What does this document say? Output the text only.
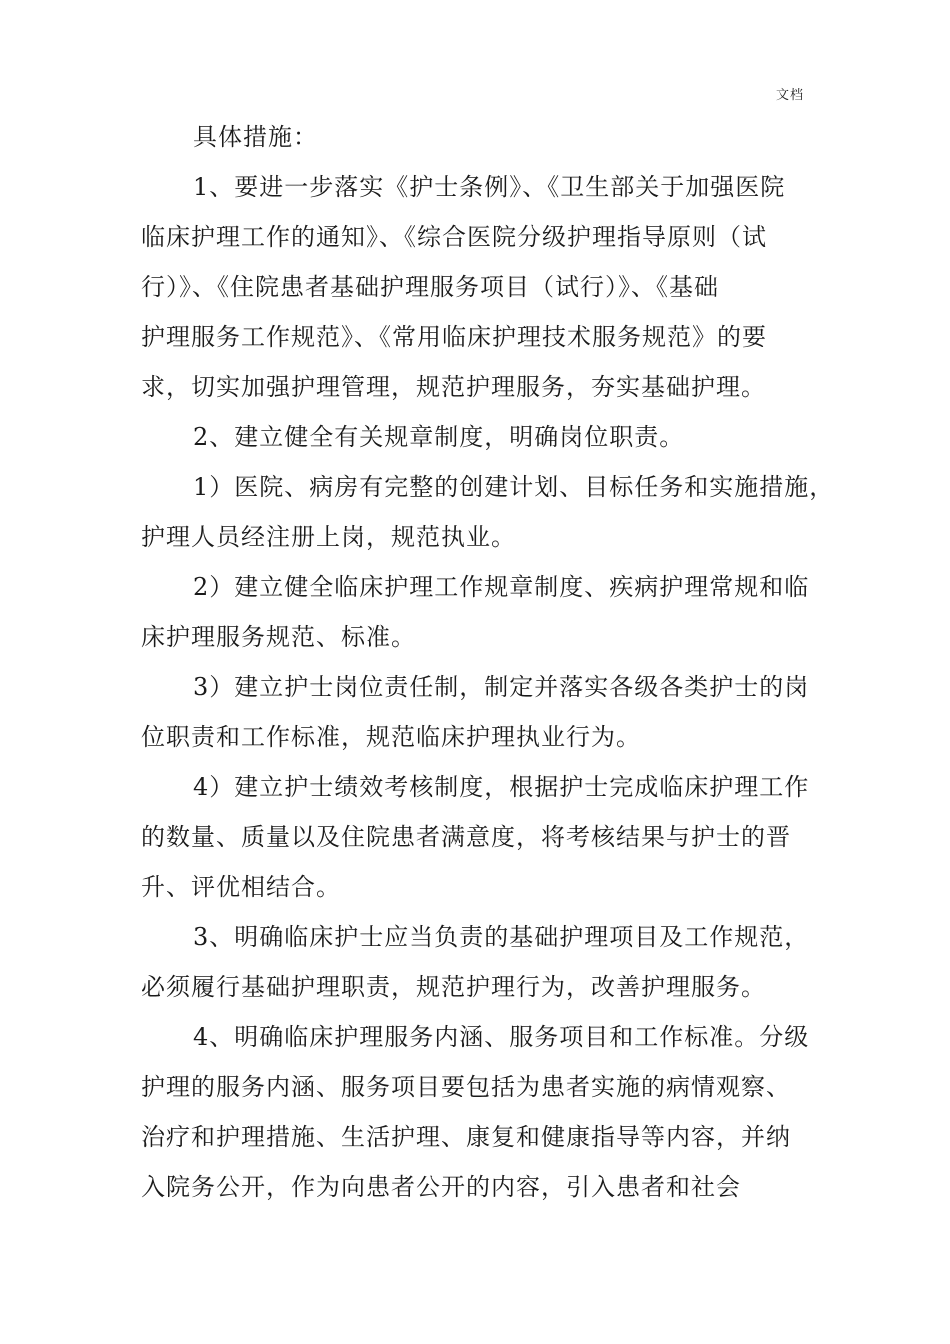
文档
具体措施：
1、要进一步落实《护士条例》、《卫生部关于加强医院
临床护理工作的通知》、《综合医院分级护理指导原则（试
行）》、《住院患者基础护理服务项目（试行）》、《基础
护理服务工作规范》、《常用临床护理技术服务规范》的要
求，切实加强护理管理，规范护理服务，夯实基础护理。
2、建立健全有关规章制度，明确岗位职责。
1）医院、病房有完整的创建计划、目标任务和实施措施，
护理人员经注册上岗，规范执业。
2）建立健全临床护理工作规章制度、疾病护理常规和临
床护理服务规范、标准。
3）建立护士岗位责任制，制定并落实各级各类护士的岗
位职责和工作标准，规范临床护理执业行为。
4）建立护士绩效考核制度，根据护士完成临床护理工作
的数量、质量以及住院患者满意度，将考核结果与护士的晋
升、评优相结合。
3、明确临床护士应当负责的基础护理项目及工作规范，
必须履行基础护理职责，规范护理行为，改善护理服务。
4、明确临床护理服务内涵、服务项目和工作标准。分级
护理的服务内涵、服务项目要包括为患者实施的病情观察、
治疗和护理措施、生活护理、康复和健康指导等内容，并纳
入院务公开，作为向患者公开的内容，引入患者和社会
